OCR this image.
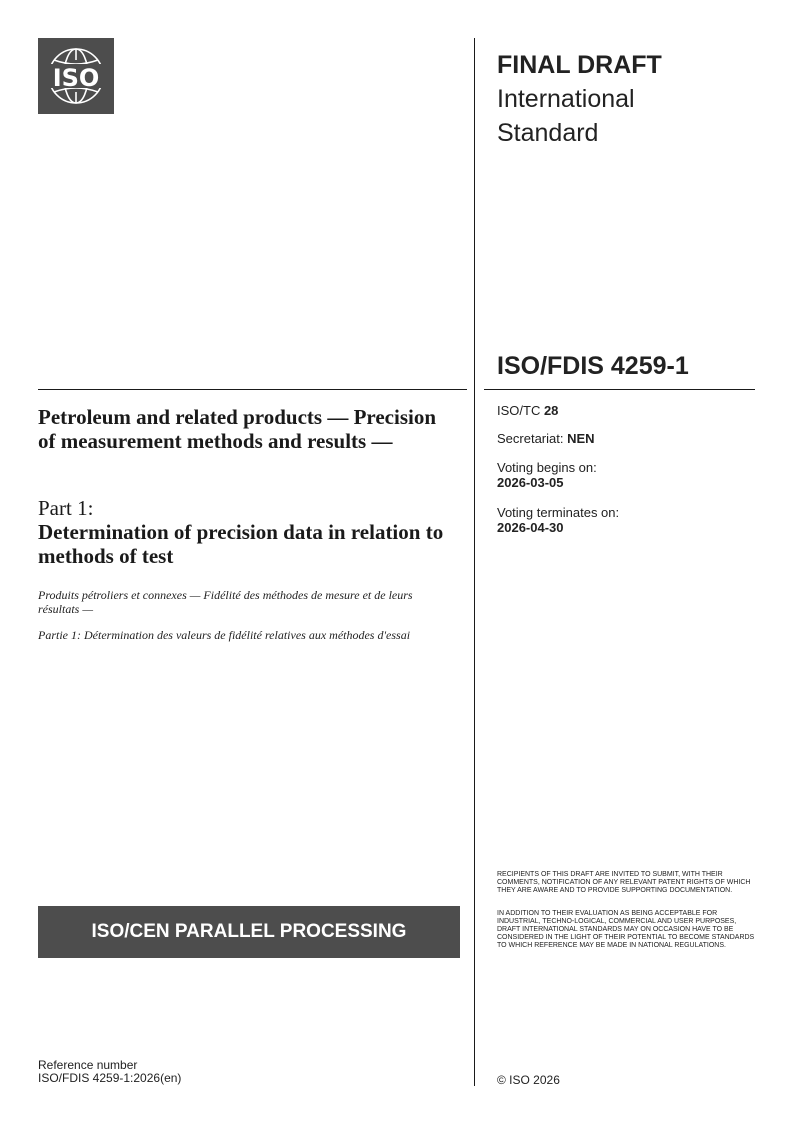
ISO	FINAL DRAFT
International
Standard
ISO/FDIS 4259-1
Petroleum and related products — Precision of measurement methods and results —
Part 1:
Determination of precision data in relation to methods of test
Produits pétroliers et connexes — Fidélité des méthodes de mesure et de leurs résultats —
Partie 1: Détermination des valeurs de fidélité relatives aux méthodes d'essai
ISO/TC 28
Secretariat: NEN
Voting begins on:
2026-03-05
Voting terminates on:
2026-04-30
RECIPIENTS OF THIS DRAFT ARE INVITED TO SUBMIT, WITH THEIR COMMENTS, NOTIFICATION OF ANY RELEVANT PATENT RIGHTS OF WHICH THEY ARE AWARE AND TO PROVIDE SUPPORTING DOCUMENTATION.
IN ADDITION TO THEIR EVALUATION AS BEING ACCEPTABLE FOR INDUSTRIAL, TECHNO-LOGICAL, COMMERCIAL AND USER PURPOSES, DRAFT INTERNATIONAL STANDARDS MAY ON OCCASION HAVE TO BE CONSIDERED IN THE LIGHT OF THEIR POTENTIAL TO BECOME STANDARDS TO WHICH REFERENCE MAY BE MADE IN NATIONAL REGULATIONS.
ISO/CEN PARALLEL PROCESSING
Reference number
ISO/FDIS 4259-1:2026(en)	© ISO 2026
